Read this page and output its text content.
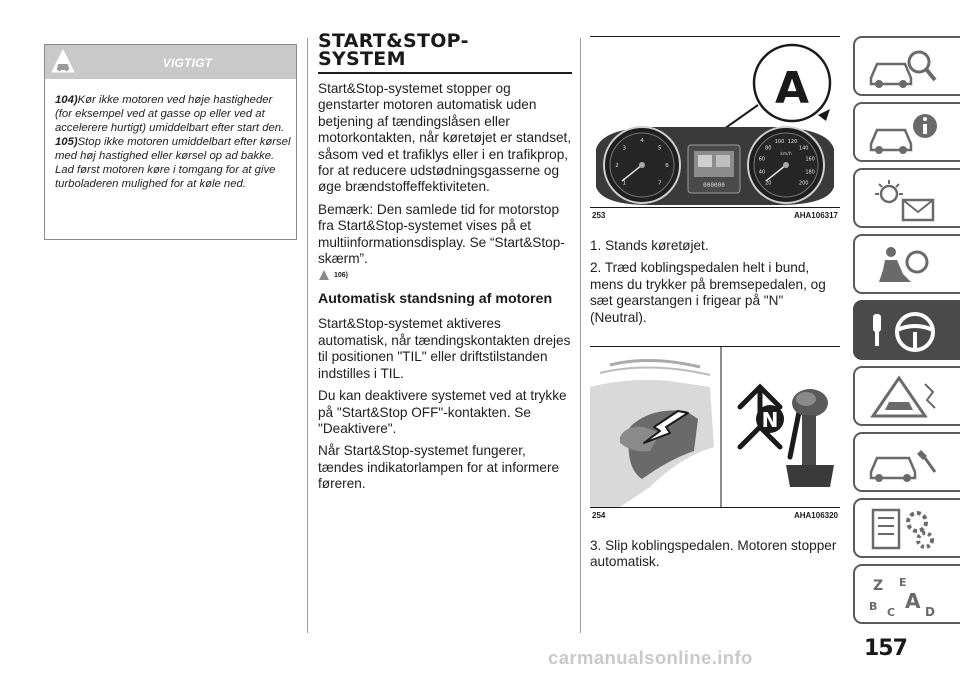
VIGTIGT

104)Kør ikke motoren ved høje hastigheder (for eksempel ved at gasse op eller ved at accelerere hurtigt) umiddelbart efter start den.

105)Stop ikke motoren umiddelbart efter kørsel med høj hastighed eller kørsel op ad bakke. Lad først motoren køre i tomgang for at give turboladeren mulighed for at køle ned.

START&STOP-
SYSTEM

Start&Stop-systemet stopper og genstarter motoren automatisk uden betjening af tændingslåsen eller motorkontakten, når køretøjet er standset, såsom ved et trafiklys eller i en trafikprop, for at reducere udstødningsgasserne og øge brændstoffeffektiviteten.

Bemærk: Den samlede tid for motorstop fra Start&Stop-systemet vises på et multiinformationsdisplay. Se “Start&Stop-skærm”.

106)
Automatisk standsning af motoren

Start&Stop-systemet aktiveres automatisk, når tændingskontakten drejes til positionen "TIL" eller driftstilstanden indstilles i TIL.

Du kan deaktivere systemet ved at trykke på "Start&Stop OFF"-kontakten. Se "Deaktivere".

Når Start&Stop-systemet fungerer, tændes indikatorlampen for at informere føreren.

A
1
2
3
4
5
6
7	20
40
60
80
100 120
140
160
180
200
000000
km/h
253	AHA106317

1. Stands køretøjet.

2. Træd koblingspedalen helt i bund, mens du trykker på bremsepedalen, og sæt gearstangen i frigear på "N" (Neutral).

N
254	AHA106320

3. Slip koblingspedalen. Motoren stopper automatisk.

Z E
B C A D
157
carmanualsonline.info
